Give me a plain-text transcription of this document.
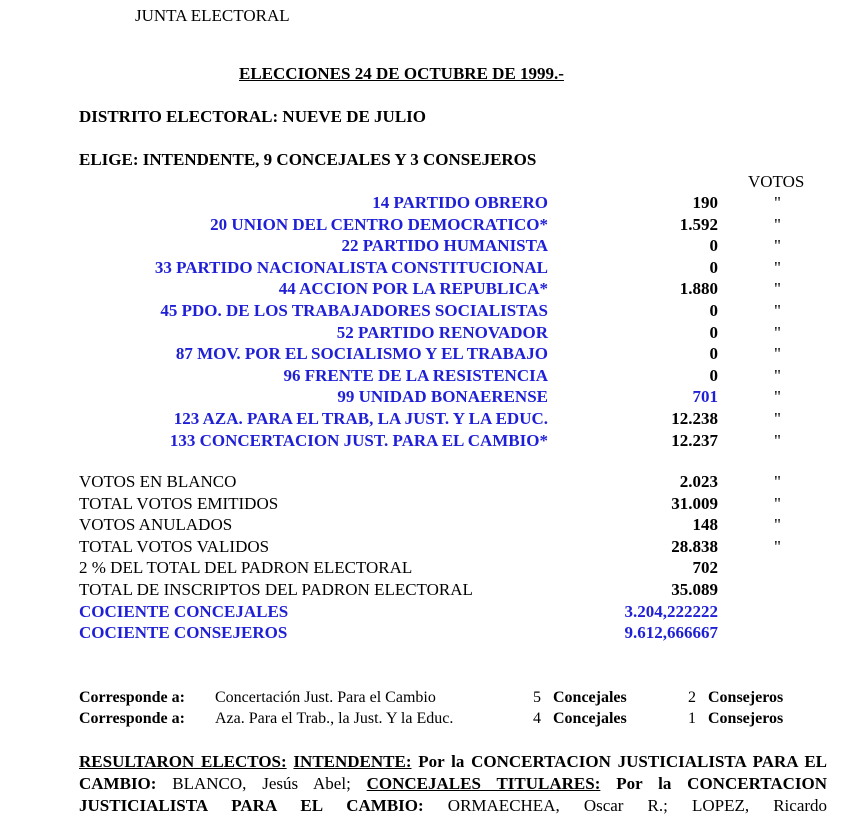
JUNTA ELECTORAL
ELECCIONES 24 DE OCTUBRE DE 1999.-
DISTRITO ELECTORAL: NUEVE DE JULIO
ELIGE: INTENDENTE, 9 CONCEJALES Y 3 CONSEJEROS
VOTOS
14 PARTIDO OBRERO	190	"
20 UNION DEL CENTRO DEMOCRATICO*	1.592	"
22 PARTIDO HUMANISTA	0	"
33 PARTIDO NACIONALISTA CONSTITUCIONAL	0	"
44 ACCION POR LA REPUBLICA*	1.880	"
45 PDO. DE LOS TRABAJADORES SOCIALISTAS	0	"
52 PARTIDO RENOVADOR	0	"
87 MOV. POR EL SOCIALISMO Y EL TRABAJO	0	"
96 FRENTE DE LA RESISTENCIA	0	"
99 UNIDAD BONAERENSE	701	"
123 AZA. PARA EL TRAB, LA JUST. Y LA EDUC.	12.238	"
133 CONCERTACION JUST. PARA EL CAMBIO*	12.237	"
VOTOS EN BLANCO	2.023	"
TOTAL VOTOS EMITIDOS	31.009	"
VOTOS ANULADOS	148	"
TOTAL VOTOS VALIDOS	28.838	"
2 % DEL TOTAL DEL PADRON ELECTORAL	702
TOTAL DE INSCRIPTOS DEL PADRON ELECTORAL	35.089
COCIENTE CONCEJALES	3.204,222222
COCIENTE CONSEJEROS	9.612,666667
Corresponde a: Concertación Just. Para el Cambio	5 Concejales	2 Consejeros
Corresponde a: Aza. Para el Trab., la Just. Y la Educ.	4 Concejales	1 Consejeros
RESULTARON ELECTOS: INTENDENTE: Por la CONCERTACION JUSTICIALISTA PARA EL CAMBIO: BLANCO, Jesús Abel; CONCEJALES TITULARES: Por la CONCERTACION JUSTICIALISTA PARA EL CAMBIO: ORMAECHEA, Oscar R.; LOPEZ, Ricardo
